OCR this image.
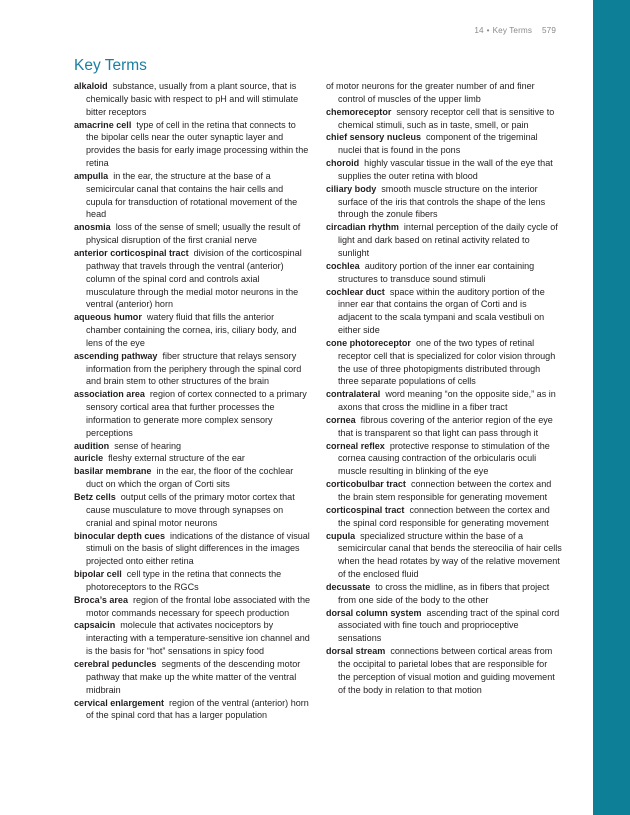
14 • Key Terms 579
Key Terms

alkaloid substance, usually from a plant source, that is chemically basic with respect to pH and will stimulate bitter receptors

amacrine cell type of cell in the retina that connects to the bipolar cells near the outer synaptic layer and provides the basis for early image processing within the retina

ampulla in the ear, the structure at the base of a semicircular canal that contains the hair cells and cupula for transduction of rotational movement of the head

anosmia loss of the sense of smell; usually the result of physical disruption of the first cranial nerve

anterior corticospinal tract division of the corticospinal pathway that travels through the ventral (anterior) column of the spinal cord and controls axial musculature through the medial motor neurons in the ventral (anterior) horn

aqueous humor watery fluid that fills the anterior chamber containing the cornea, iris, ciliary body, and lens of the eye

ascending pathway fiber structure that relays sensory information from the periphery through the spinal cord and brain stem to other structures of the brain

association area region of cortex connected to a primary sensory cortical area that further processes the information to generate more complex sensory perceptions

audition sense of hearing

auricle fleshy external structure of the ear

basilar membrane in the ear, the floor of the cochlear duct on which the organ of Corti sits

Betz cells output cells of the primary motor cortex that cause musculature to move through synapses on cranial and spinal motor neurons

binocular depth cues indications of the distance of visual stimuli on the basis of slight differences in the images projected onto either retina

bipolar cell cell type in the retina that connects the photoreceptors to the RGCs

Broca’s area region of the frontal lobe associated with the motor commands necessary for speech production

capsaicin molecule that activates nociceptors by interacting with a temperature-sensitive ion channel and is the basis for “hot” sensations in spicy food

cerebral peduncles segments of the descending motor pathway that make up the white matter of the ventral midbrain

cervical enlargement region of the ventral (anterior) horn of the spinal cord that has a larger population

of motor neurons for the greater number of and finer control of muscles of the upper limb

chemoreceptor sensory receptor cell that is sensitive to chemical stimuli, such as in taste, smell, or pain

chief sensory nucleus component of the trigeminal nuclei that is found in the pons

choroid highly vascular tissue in the wall of the eye that supplies the outer retina with blood

ciliary body smooth muscle structure on the interior surface of the iris that controls the shape of the lens through the zonule fibers

circadian rhythm internal perception of the daily cycle of light and dark based on retinal activity related to sunlight

cochlea auditory portion of the inner ear containing structures to transduce sound stimuli

cochlear duct space within the auditory portion of the inner ear that contains the organ of Corti and is adjacent to the scala tympani and scala vestibuli on either side

cone photoreceptor one of the two types of retinal receptor cell that is specialized for color vision through the use of three photopigments distributed through three separate populations of cells

contralateral word meaning “on the opposite side,” as in axons that cross the midline in a fiber tract

cornea fibrous covering of the anterior region of the eye that is transparent so that light can pass through it

corneal reflex protective response to stimulation of the cornea causing contraction of the orbicularis oculi muscle resulting in blinking of the eye

corticobulbar tract connection between the cortex and the brain stem responsible for generating movement

corticospinal tract connection between the cortex and the spinal cord responsible for generating movement

cupula specialized structure within the base of a semicircular canal that bends the stereocilia of hair cells when the head rotates by way of the relative movement of the enclosed fluid

decussate to cross the midline, as in fibers that project from one side of the body to the other

dorsal column system ascending tract of the spinal cord associated with fine touch and proprioceptive sensations

dorsal stream connections between cortical areas from the occipital to parietal lobes that are responsible for the perception of visual motion and guiding movement of the body in relation to that motion
